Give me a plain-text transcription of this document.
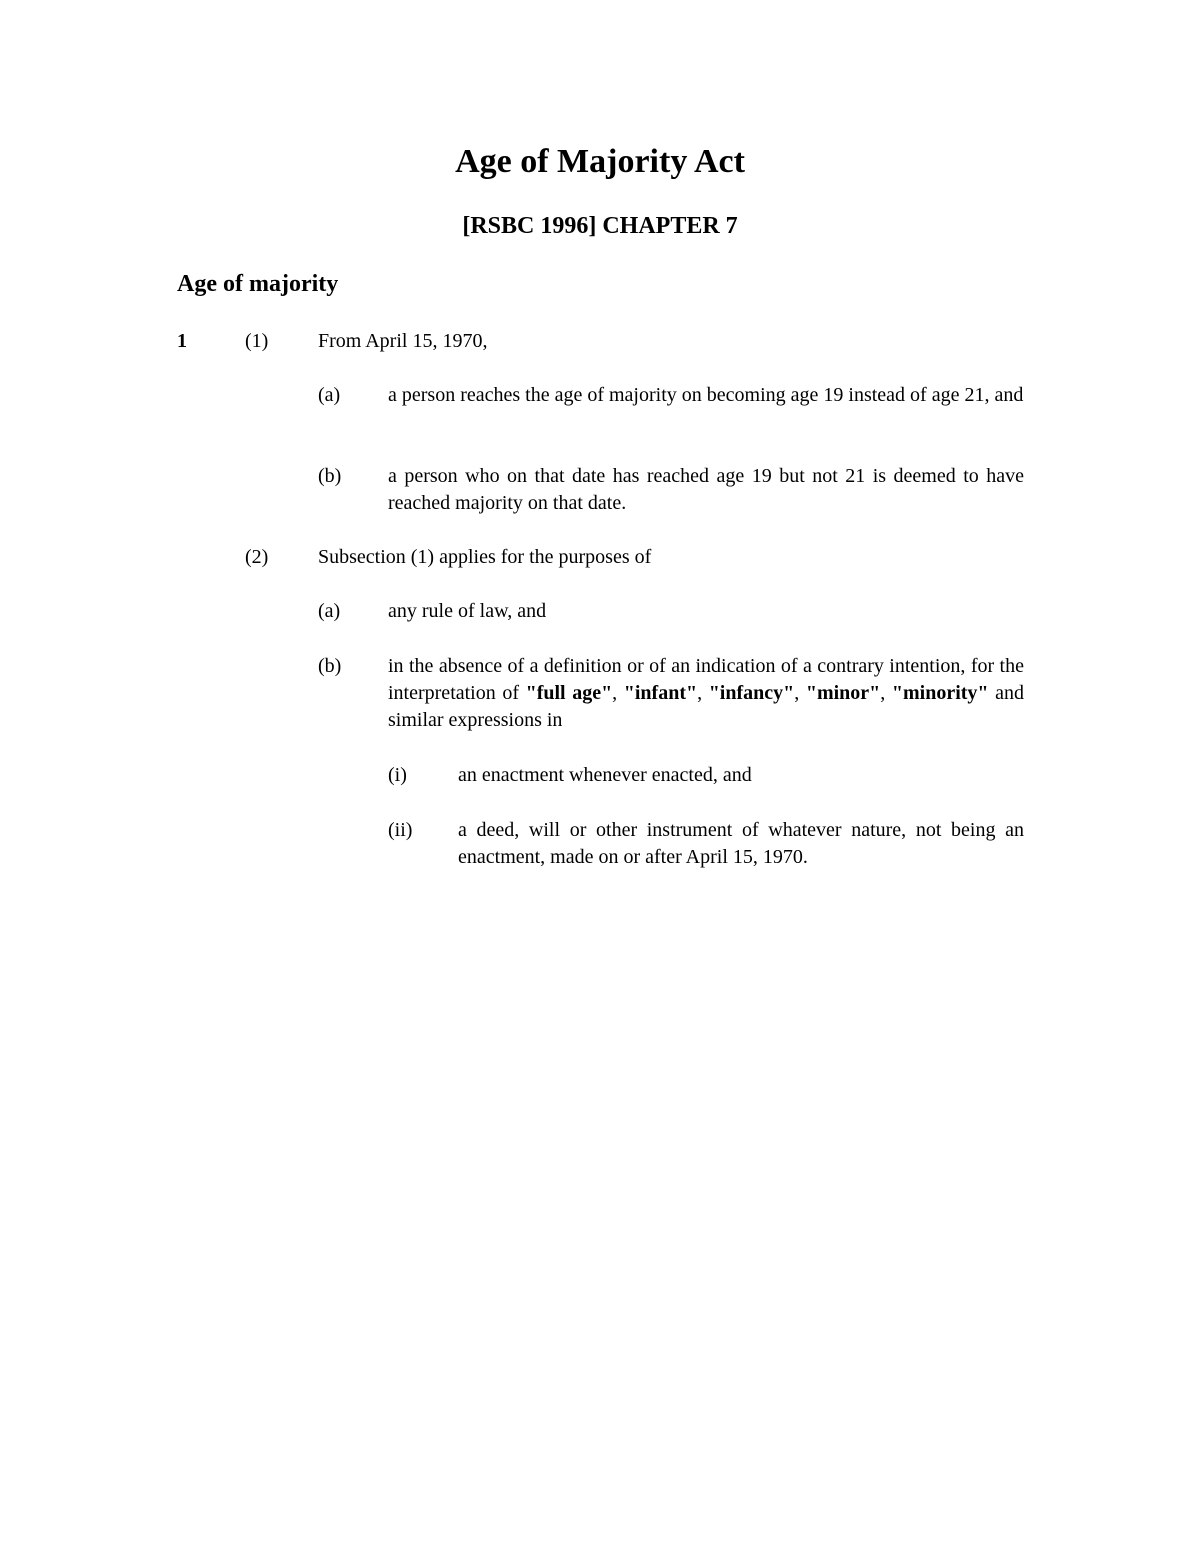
Age of Majority Act
[RSBC 1996] CHAPTER 7
Age of majority
1	(1) From April 15, 1970,
(a) a person reaches the age of majority on becoming age 19 instead of age 21, and
(b) a person who on that date has reached age 19 but not 21 is deemed to have reached majority on that date.
(2) Subsection (1) applies for the purposes of
(a) any rule of law, and
(b) in the absence of a definition or of an indication of a contrary intention, for the interpretation of "full age", "infant", "infancy", "minor", "minority" and similar expressions in
(i)	an enactment whenever enacted, and
(ii) a deed, will or other instrument of whatever nature, not being an enactment, made on or after April 15, 1970.
